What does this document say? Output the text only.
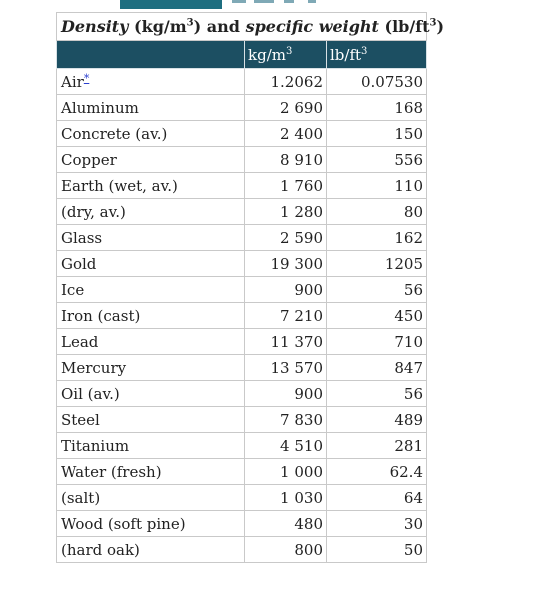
Density $(kg/m^3)$ and specific weight $(lb/ft^3)$		
	$kg/m^3$	$lb/ft^3$
Air*	1.2062	0.07530
Aluminum	2 690	168
Concrete (av.)	2 400	150
Copper	8 910	556
Earth (wet, av.)	1 760	110
(dry, av.)	1 280	80
Glass	2 590	162
Gold	19 300	1205
Ice	900	56
Iron (cast)	7 210	450
Lead	11 370	710
Mercury	13 570	847
Oil (av.)	900	56
Steel	7 830	489
Titanium	4 510	281
Water (fresh)	1 000	62.4
(salt)	1 030	64
Wood (soft pine)	480	30
(hard oak)	800	50
